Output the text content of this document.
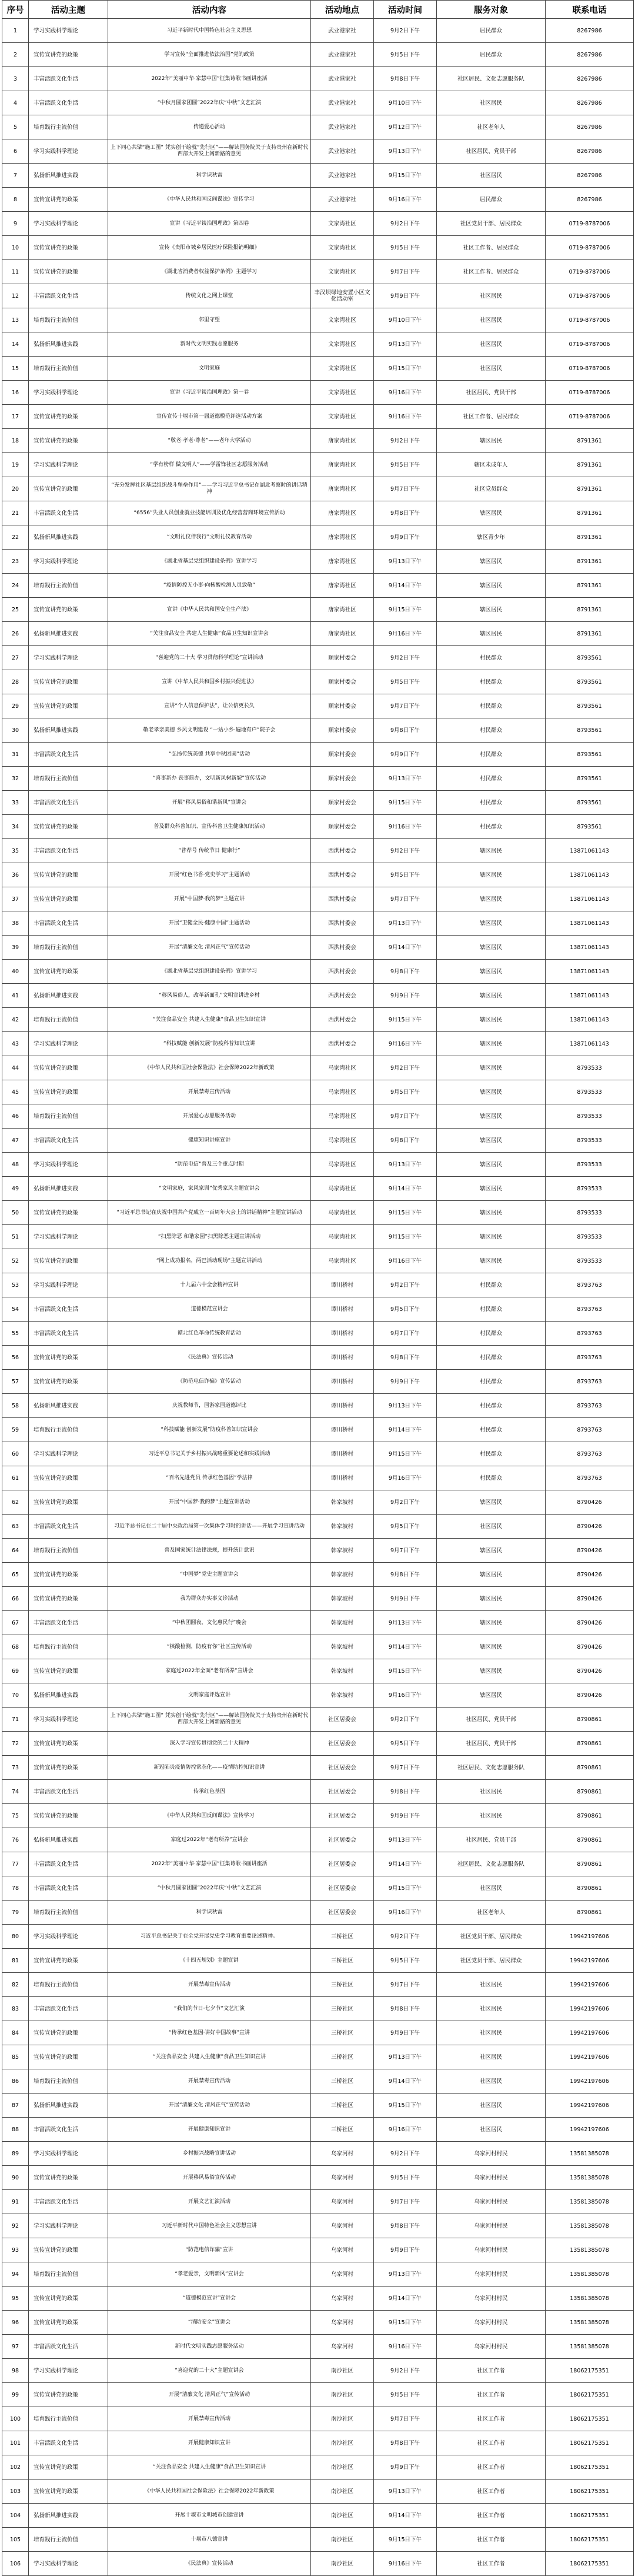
序号	活动主题	活动内容	活动地点	活动时间	服务对象	联系电话
1	学习实践科学理论	习近平新时代中国特色社会主义思想	武业港家社	9月2日下午	居民群众	8267986
2	宣传宣讲党的政策	学习宣传“全面推进依法治国”党的政策	武业港家社	9月5日下午	居民群众	8267986
3	丰富活跃文化生活	2022年“美丽中华·家慧中国”征集诗歌书画讲座活	武业港家社	9月8日下午	社区居民、文化志愿服务队	8267986
4	丰富活跃文化生活	“中秋月圆家团圆”2022年庆“中秋”文艺汇演	武业港家社	9月10日下午	社区居民	8267986
5	培育践行主流价值	传递爱心活动	武业港家社	9月12日下午	社区老年人	8267986
6	学习实践科学理论	上下同心共擘“施工图” 凭实创干绘就“先行区”——解读国务院关于支持贵州在新时代西部大开发上闯新路的意见	武业港家社	9月13日下午	社区居民、党员干部	8267986
7	弘扬新风推进实践	科学识秋雷	武业港家社	9月15日下午	社区居民	8267986
8	宣传宣讲党的政策	《中华人民共和国反间谍法》宣传学习	武业港家社	9月16日下午	居民群众	8267986
9	学习实践科学理论	宣讲《习近平谈治国理政》第四卷	文家湾社区	9月2日下午	社区党员干部、居民群众	0719-8787006
10	宣传宣讲党的政策	宣传《贵阳市城乡居民医疗保险报销明细》	文家湾社区	9月5日下午	社区工作者、居民群众	0719-8787006
11	宣传宣讲党的政策	《湖北省消费者权益保护条例》主题学习	文家湾社区	9月7日下午	社区工作者、居民群众	0719-8787006
12	丰富活跃文化生活	传统文化之网上课堂	丰汉坝绿地安置小区文化活动室	9月9日下午	社区居民	0719-8787006
13	培育践行主流价值	邻里守望	文家湾社区	9月10日下午	社区居民	0719-8787006
14	弘扬新风推进实践	新时代文明实践志愿服务	文家湾社区	9月13日下午	社区居民	0719-8787006
15	培育践行主流价值	文明家庭	文家湾社区	9月15日下午	社区居民	0719-8787006
16	学习实践科学理论	宣讲《习近平谈治国理政》第一卷	文家湾社区	9月16日下午	社区居民、党员干部	0719-8787006
17	宣传宣讲党的政策	宣传宣传十堰市第一届道德模范评选活动方案	文家湾社区	9月16日下午	社区工作者、居民群众	0719-8787006
18	宣传宣讲党的政策	“敬老·孝老·尊老”——老年大学活动	唐家湾社区	9月2日下午	辖区居民	8791361
19	学习实践科学理论	“学有榜样 做文明人”——学雷锋社区志愿服务活动	唐家湾社区	9月5日下午	辖区未成年人	8791361
20	宣传宣讲党的政策	“充分发挥社区基层组织战斗堡垒作用”——学习习近平总书记在湖北考察时的讲话精神	唐家湾社区	9月7日下午	社区党员群众	8791361
21	丰富活跃文化生活	“6556”失业人员创业就业技能培训及优化经营营商环境宣传活动	唐家湾社区	9月8日下午	辖区居民	8791361
22	弘扬新风推进实践	“文明礼仪伴我行”文明礼仪教育活动	唐家湾社区	9月9日下午	辖区青少年	8791361
23	学习实践科学理论	《湖北省基层党组织建设条例》宣讲学习	唐家湾社区	9月13日下午	辖区居民	8791361
24	培育践行主流价值	“疫情防控无小事·向核酸检测人员致敬”	唐家湾社区	9月14日下午	辖区居民	8791361
25	宣传宣讲党的政策	宣讲《中华人民共和国安全生产法》	唐家湾社区	9月15日下午	辖区居民	8791361
26	弘扬新风推进实践	“关注食品安全 共建人生健康”食品卫生知识宣讲会	唐家湾社区	9月16日下午	辖区居民	8791361
27	学习实践科学理论	“喜迎党的二十大 学习贯彻科学理论”宣讲活动	顺家村委会	9月2日下午	村民群众	8793561
28	宣传宣讲党的政策	宣讲《中华人民共和国乡村振兴促进法》	顺家村委会	9月5日下午	村民群众	8793561
29	宣传宣讲党的政策	宣讲“个人信息保护法”，让公信更长久	顺家村委会	9月7日下午	村民群众	8793561
30	弘扬新风推进实践	敬老孝亲美德 乡风文明建设 “一站小乡·遍地有户”院子会	顺家村委会	9月8日下午	村民群众	8793561
31	丰富活跃文化生活	“弘扬传统美德 共享中秋团圆”活动	顺家村委会	9月9日下午	村民群众	8793561
32	培育践行主流价值	“喜事新办 丧事简办，文明新风树新貌”宣传活动	顺家村委会	9月13日下午	村民群众	8793561
33	丰富活跃文化生活	开展“移风易俗和谐新风”宣讲会	顺家村委会	9月15日下午	村民群众	8793561
34	宣传宣讲党的政策	普及群众科普知识、宣传科普卫生健康知识活动	顺家村委会	9月16日下午	村民群众	8793561
35	丰富活跃文化生活	“普荐号 传统节日 健康行”	西洪村委会	9月2日下午	辖区居民	13871061143
36	宣传宣讲党的政策	开展“红色书香·党史学习”主题活动	西洪村委会	9月5日下午	辖区居民	13871061143
37	宣传宣讲党的政策	开展“中国梦·我的梦”主题宣讲	西洪村委会	9月7日下午	辖区居民	13871061143
38	丰富活跃文化生活	开展“卫健全民·健康中国”主题活动	西洪村委会	9月13日下午	辖区居民	13871061143
39	培育践行主流价值	开展“清廉文化 清风正气”宣传活动	西洪村委会	9月14日下午	辖区居民	13871061143
40	宣传宣讲党的政策	《湖北省基层党组织建设条例》宣讲学习	西洪村委会	9月8日下午	辖区居民	13871061143
41	弘扬新风推进实践	“移风易俗人，改革新面孔”文明宣讲进乡村	西洪村委会	9月9日下午	辖区居民	13871061143
42	培育践行主流价值	“关注食品安全 共建人生健康”食品卫生知识宣讲	西洪村委会	9月15日下午	辖区居民	13871061143
43	学习实践科学理论	“科技赋能 创新发展”防疫科普知识宣讲	西洪村委会	9月16日下午	辖区居民	13871061143
44	宣传宣讲党的政策	《中华人民共和国社会保险法》社会保障2022年新政策	马家湾社区	9月2日下午	辖区居民	8793533
45	宣传宣讲党的政策	开展禁毒宣传活动	马家湾社区	9月5日下午	辖区居民	8793533
46	培育践行主流价值	开展爱心志愿服务活动	马家湾社区	9月7日下午	辖区居民	8793533
47	丰富活跃文化生活	健康知识讲座宣讲	马家湾社区	9月8日下午	辖区居民	8793533
48	学习实践科学理论	“防范电信”普及三个重点时期	马家湾社区	9月13日下午	辖区居民	8793533
49	弘扬新风推进实践	“文明家庭，家风家训”优秀家风主题宣讲会	马家湾社区	9月14日下午	辖区居民	8793533
50	宣传宣讲党的政策	“习近平总书记在庆祝中国共产党成立一百周年大会上的讲话精神”主题宣讲活动	马家湾社区	9月15日下午	辖区居民	8793533
51	学习实践科学理论	“扫黑除恶 和谐家园”扫黑除恶主题宣讲活动	马家湾社区	9月15日下午	辖区居民	8793533
52	宣传宣讲党的政策	“网上成功报名，两巴活动现场”主题宣讲活动	马家湾社区	9月16日下午	辖区居民	8793533
53	学习实践科学理论	十九届六中全会精神宣讲	谭川桥村	9月2日下午	村民群众	8793763
54	丰富活跃文化生活	道德模范宣讲会	谭川桥村	9月5日下午	村民群众	8793763
55	丰富活跃文化生活	谭北红色革命传统教育活动	谭川桥村	9月7日下午	村民群众	8793763
56	宣传宣讲党的政策	《民法典》宣传活动	谭川桥村	9月8日下午	村民群众	8793763
57	宣传宣讲党的政策	《防范电信诈骗》宣传活动	谭川桥村	9月9日下午	村民群众	8793763
58	弘扬新风推进实践	庆祝教师节，园游家园道德评比	谭川桥村	9月13日下午	村民群众	8793763
59	培育践行主流价值	“科技赋能 创新发展”防疫科普知识宣讲会	谭川桥村	9月14日下午	村民群众	8793763
60	学习实践科学理论	习近平总书记关于乡村振兴战略重要论述和实践活动	谭川桥村	9月15日下午	村民群众	8793763
61	宣传宣讲党的政策	“百名先进党员 传承红色基因”学法律	谭川桥村	9月16日下午	村民群众	8793763
62	宣传宣讲党的政策	开展“中国梦·我的梦”主题宣讲活动	韩家坡村	9月2日下午	辖区居民	8790426
63	丰富活跃文化生活	习近平总书记在二十届中央政治局第一次集体学习时的讲话——开展学习宣讲活动	韩家坡村	9月5日下午	社区居民	8790426
64	培育践行主流价值	普及国家统计法律法规，提升统计意识	韩家坡村	9月7日下午	辖区居民	8790426
65	宣传宣讲党的政策	“中国梦”党史主题宣讲会	韩家坡村	9月8日下午	辖区居民	8790426
66	宣传宣讲党的政策	我为群众办实事义诊活动	韩家坡村	9月9日下午	辖区居民	8790426
67	丰富活跃文化生活	“中秋团圆夜，文化惠民行”晚会	韩家坡村	9月13日下午	辖区居民	8790426
68	培育践行主流价值	“核酸检测，防疫有你”社区宣传活动	韩家坡村	9月14日下午	辖区居民	8790426
69	宣传宣讲党的政策	家庭过2022年全面“老有所养”宣讲会	韩家坡村	9月15日下午	辖区居民	8790426
70	弘扬新风推进实践	文明家庭评选宣讲	韩家坡村	9月16日下午	辖区居民	8790426
71	学习实践科学理论	上下同心共擘“施工图” 凭实创干绘就“先行区”——解读国务院关于支持贵州在新时代西部大开发上闯新路的意见	社区居委会	9月2日下午	社区居民、党员干部	8790861
72	宣传宣讲党的政策	深入学习宣传贯彻党的二十大精神	社区居委会	9月5日下午	社区居民、党员干部	8790861
73	宣传宣讲党的政策	新冠肺炎疫情防控常态化——疫情防控知识宣讲	社区居委会	9月7日下午	社区居民、文化志愿服务队	8790861
74	丰富活跃文化生活	传承红色基因	社区居委会	9月8日下午	社区居民	8790861
75	宣传宣讲党的政策	《中华人民共和国反间谍法》宣传学习	社区居委会	9月9日下午	社区居民	8790861
76	弘扬新风推进实践	家庭过2022年“老有所养”宣讲会	社区居委会	9月13日下午	社区居民、党员干部	8790861
77	丰富活跃文化生活	2022年“美丽中华·家慧中国”征集诗歌书画讲座活	社区居委会	9月14日下午	社区居民、文化志愿服务队	8790861
78	丰富活跃文化生活	“中秋月圆家团圆”2022年庆“中秋”文艺汇演	社区居委会	9月15日下午	社区居民	8790861
79	培育践行主流价值	科学识秋雷	社区居委会	9月16日下午	社区老年人	8790861
80	学习实践科学理论	习近平总书记关于在全党开展党史学习教育重要论述精神。	三桥社区	9月2日下午	社区党员干部、居民群众	19942197606
81	宣传宣讲党的政策	《十四五规划》主题宣讲	三桥社区	9月5日下午	社区党员干部、居民群众	19942197606
82	培育践行主流价值	开展禁毒宣传活动	三桥社区	9月7日下午	社区居民	19942197606
83	丰富活跃文化生活	“我们的节日·七夕节”文艺汇演	三桥社区	9月8日下午	社区居民	19942197606
84	宣传宣讲党的政策	“传承红色基因·讲好中国故事”宣讲	三桥社区	9月9日下午	社区居民	19942197606
85	宣传宣讲党的政策	“关注食品安全 共建人生健康”食品卫生知识宣讲	三桥社区	9月13日下午	社区居民	19942197606
86	培育践行主流价值	开展禁毒宣传活动	三桥社区	9月14日下午	社区居民	19942197606
87	弘扬新风推进实践	开展“清廉文化 清风正气”宣传活动	三桥社区	9月15日下午	社区居民	19942197606
88	丰富活跃文化生活	开展健康知识宣讲	三桥社区	9月16日下午	社区居民	19942197606
89	学习实践科学理论	乡村振兴战略宣讲活动	乌家河村	9月2日下午	乌家河村村民	13581385078
90	宣传宣讲党的政策	开展移风易俗宣传活动	乌家河村	9月5日下午	乌家河村村民	13581385078
91	丰富活跃文化生活	开展文艺汇演活动	乌家河村	9月7日下午	乌家河村村民	13581385078
92	学习实践科学理论	习近平新时代中国特色社会主义思想宣讲	乌家河村	9月8日下午	乌家河村村民	13581385078
93	宣传宣讲党的政策	“防范电信诈骗”宣讲	乌家河村	9月9日下午	乌家河村村民	13581385078
94	培育践行主流价值	“孝老爱亲，文明新风”宣讲会	乌家河村	9月13日下午	乌家河村村民	13581385078
95	宣传宣讲党的政策	“道德模范宣讲”宣讲会	乌家河村	9月14日下午	乌家河村村民	13581385078
96	宣传宣讲党的政策	“消防安全”宣讲会	乌家河村	9月15日下午	乌家河村村民	13581385078
97	丰富活跃文化生活	新时代文明实践志愿服务活动	乌家河村	9月16日下午	乌家河村村民	13581385078
98	学习实践科学理论	“喜迎党的二十大”主题宣讲会	南沙社区	9月2日下午	社区工作者	18062175351
99	宣传宣讲党的政策	开展“清廉文化 清风正气”宣传活动	南沙社区	9月5日下午	社区工作者	18062175351
100	培育践行主流价值	开展禁毒宣传活动	南沙社区	9月7日下午	社区工作者	18062175351
101	丰富活跃文化生活	开展健康知识宣讲	南沙社区	9月8日下午	社区工作者	18062175351
102	宣传宣讲党的政策	“关注食品安全 共建人生健康”食品卫生知识宣讲	南沙社区	9月9日下午	社区工作者	18062175351
103	宣传宣讲党的政策	《中华人民共和国社会保险法》社会保障2022年新政策	南沙社区	9月13日下午	社区工作者	18062175351
104	弘扬新风推进实践	开展十堰市文明城市创建宣讲	南沙社区	9月14日下午	社区工作者	18062175351
105	培育践行主流价值	十堰市八德宣讲	南沙社区	9月15日下午	社区工作者	18062175351
106	学习实践科学理论	《民法典》宣传活动	南沙社区	9月16日下午	社区工作者	18062175351
